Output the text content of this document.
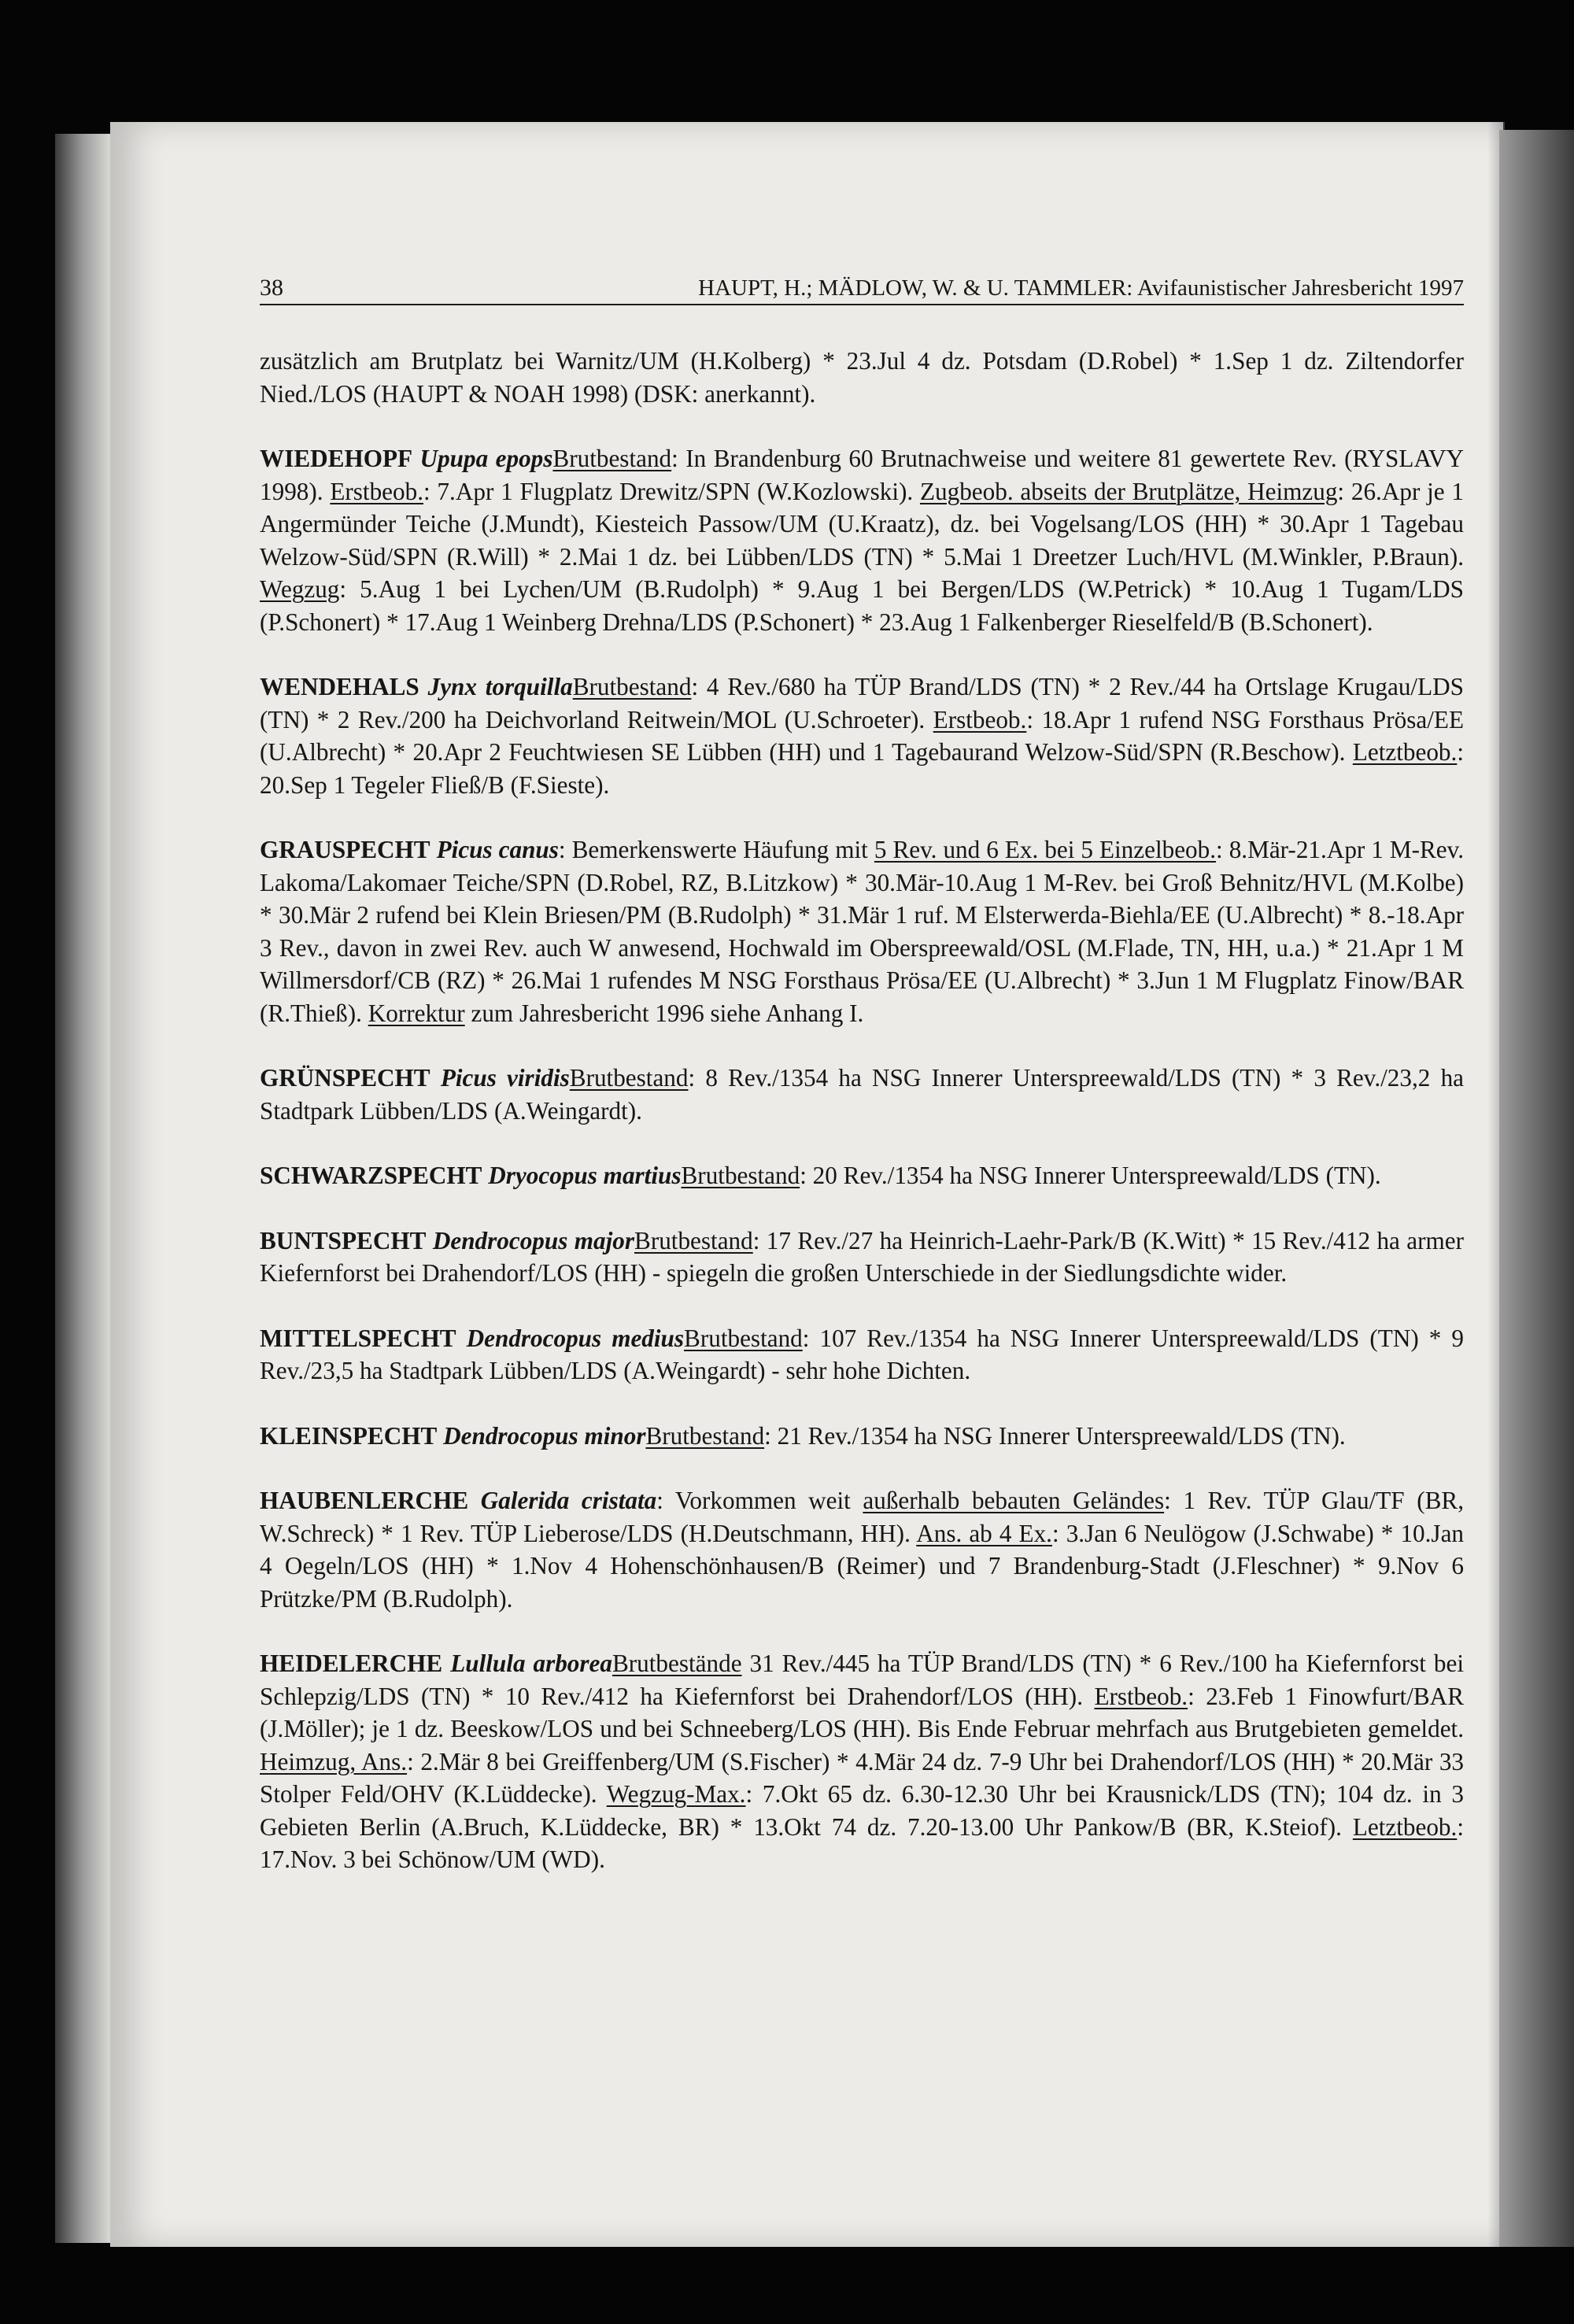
38	HAUPT, H.; MÄDLOW, W. & U. TAMMLER: Avifaunistischer Jahresbericht 1997

zusätzlich am Brutplatz bei Warnitz/UM (H.Kolberg) * 23.Jul 4 dz. Potsdam (D.Robel) * 1.Sep 1 dz. Ziltendorfer Nied./LOS (HAUPT & NOAH 1998) (DSK: anerkannt).

WIEDEHOPF Upupa epopsBrutbestand: In Brandenburg 60 Brutnachweise und weitere 81 gewertete Rev. (RYSLAVY 1998). Erstbeob.: 7.Apr 1 Flugplatz Drewitz/SPN (W.Kozlowski). Zugbeob. abseits der Brutplätze, Heimzug: 26.Apr je 1 Angermünder Teiche (J.Mundt), Kiesteich Passow/UM (U.Kraatz), dz. bei Vogelsang/LOS (HH) * 30.Apr 1 Tagebau Welzow-Süd/SPN (R.Will) * 2.Mai 1 dz. bei Lübben/LDS (TN) * 5.Mai 1 Dreetzer Luch/HVL (M.Winkler, P.Braun). Wegzug: 5.Aug 1 bei Lychen/UM (B.Rudolph) * 9.Aug 1 bei Bergen/LDS (W.Petrick) * 10.Aug 1 Tugam/LDS (P.Schonert) * 17.Aug 1 Weinberg Drehna/LDS (P.Schonert) * 23.Aug 1 Falkenberger Rieselfeld/B (B.Schonert).

WENDEHALS Jynx torquillaBrutbestand: 4 Rev./680 ha TÜP Brand/LDS (TN) * 2 Rev./44 ha Ortslage Krugau/LDS (TN) * 2 Rev./200 ha Deichvorland Reitwein/MOL (U.Schroeter). Erstbeob.: 18.Apr 1 rufend NSG Forsthaus Prösa/EE (U.Albrecht) * 20.Apr 2 Feuchtwiesen SE Lübben (HH) und 1 Tagebaurand Welzow-Süd/SPN (R.Beschow). Letztbeob.: 20.Sep 1 Tegeler Fließ/B (F.Sieste).

GRAUSPECHT Picus canus: Bemerkenswerte Häufung mit 5 Rev. und 6 Ex. bei 5 Einzelbeob.: 8.Mär-21.Apr 1 M-Rev. Lakoma/Lakomaer Teiche/SPN (D.Robel, RZ, B.Litzkow) * 30.Mär-10.Aug 1 M-Rev. bei Groß Behnitz/HVL (M.Kolbe) * 30.Mär 2 rufend bei Klein Briesen/PM (B.Rudolph) * 31.Mär 1 ruf. M Elsterwerda-Biehla/EE (U.Albrecht) * 8.-18.Apr 3 Rev., davon in zwei Rev. auch W anwesend, Hochwald im Oberspreewald/OSL (M.Flade, TN, HH, u.a.) * 21.Apr 1 M Willmersdorf/CB (RZ) * 26.Mai 1 rufendes M NSG Forsthaus Prösa/EE (U.Albrecht) * 3.Jun 1 M Flugplatz Finow/BAR (R.Thieß). Korrektur zum Jahresbericht 1996 siehe Anhang I.

GRÜNSPECHT Picus viridisBrutbestand: 8 Rev./1354 ha NSG Innerer Unterspreewald/LDS (TN) * 3 Rev./23,2 ha Stadtpark Lübben/LDS (A.Weingardt).

SCHWARZSPECHT Dryocopus martiusBrutbestand: 20 Rev./1354 ha NSG Innerer Unterspreewald/LDS (TN).

BUNTSPECHT Dendrocopus majorBrutbestand: 17 Rev./27 ha Heinrich-Laehr-Park/B (K.Witt) * 15 Rev./412 ha armer Kiefernforst bei Drahendorf/LOS (HH) - spiegeln die großen Unterschiede in der Siedlungsdichte wider.

MITTELSPECHT Dendrocopus mediusBrutbestand: 107 Rev./1354 ha NSG Innerer Unterspreewald/LDS (TN) * 9 Rev./23,5 ha Stadtpark Lübben/LDS (A.Weingardt) - sehr hohe Dichten.

KLEINSPECHT Dendrocopus minorBrutbestand: 21 Rev./1354 ha NSG Innerer Unterspreewald/LDS (TN).

HAUBENLERCHE Galerida cristata: Vorkommen weit außerhalb bebauten Geländes: 1 Rev. TÜP Glau/TF (BR, W.Schreck) * 1 Rev. TÜP Lieberose/LDS (H.Deutschmann, HH). Ans. ab 4 Ex.: 3.Jan 6 Neulögow (J.Schwabe) * 10.Jan 4 Oegeln/LOS (HH) * 1.Nov 4 Hohenschönhausen/B (Reimer) und 7 Brandenburg-Stadt (J.Fleschner) * 9.Nov 6 Prützke/PM (B.Rudolph).

HEIDELERCHE Lullula arboreaBrutbestände 31 Rev./445 ha TÜP Brand/LDS (TN) * 6 Rev./100 ha Kiefernforst bei Schlepzig/LDS (TN) * 10 Rev./412 ha Kiefernforst bei Drahendorf/LOS (HH). Erstbeob.: 23.Feb 1 Finowfurt/BAR (J.Möller); je 1 dz. Beeskow/LOS und bei Schneeberg/LOS (HH). Bis Ende Februar mehrfach aus Brutgebieten gemeldet. Heimzug, Ans.: 2.Mär 8 bei Greiffenberg/UM (S.Fischer) * 4.Mär 24 dz. 7-9 Uhr bei Drahendorf/LOS (HH) * 20.Mär 33 Stolper Feld/OHV (K.Lüddecke). Wegzug-Max.: 7.Okt 65 dz. 6.30-12.30 Uhr bei Krausnick/LDS (TN); 104 dz. in 3 Gebieten Berlin (A.Bruch, K.Lüddecke, BR) * 13.Okt 74 dz. 7.20-13.00 Uhr Pankow/B (BR, K.Steiof). Letztbeob.: 17.Nov. 3 bei Schönow/UM (WD).
